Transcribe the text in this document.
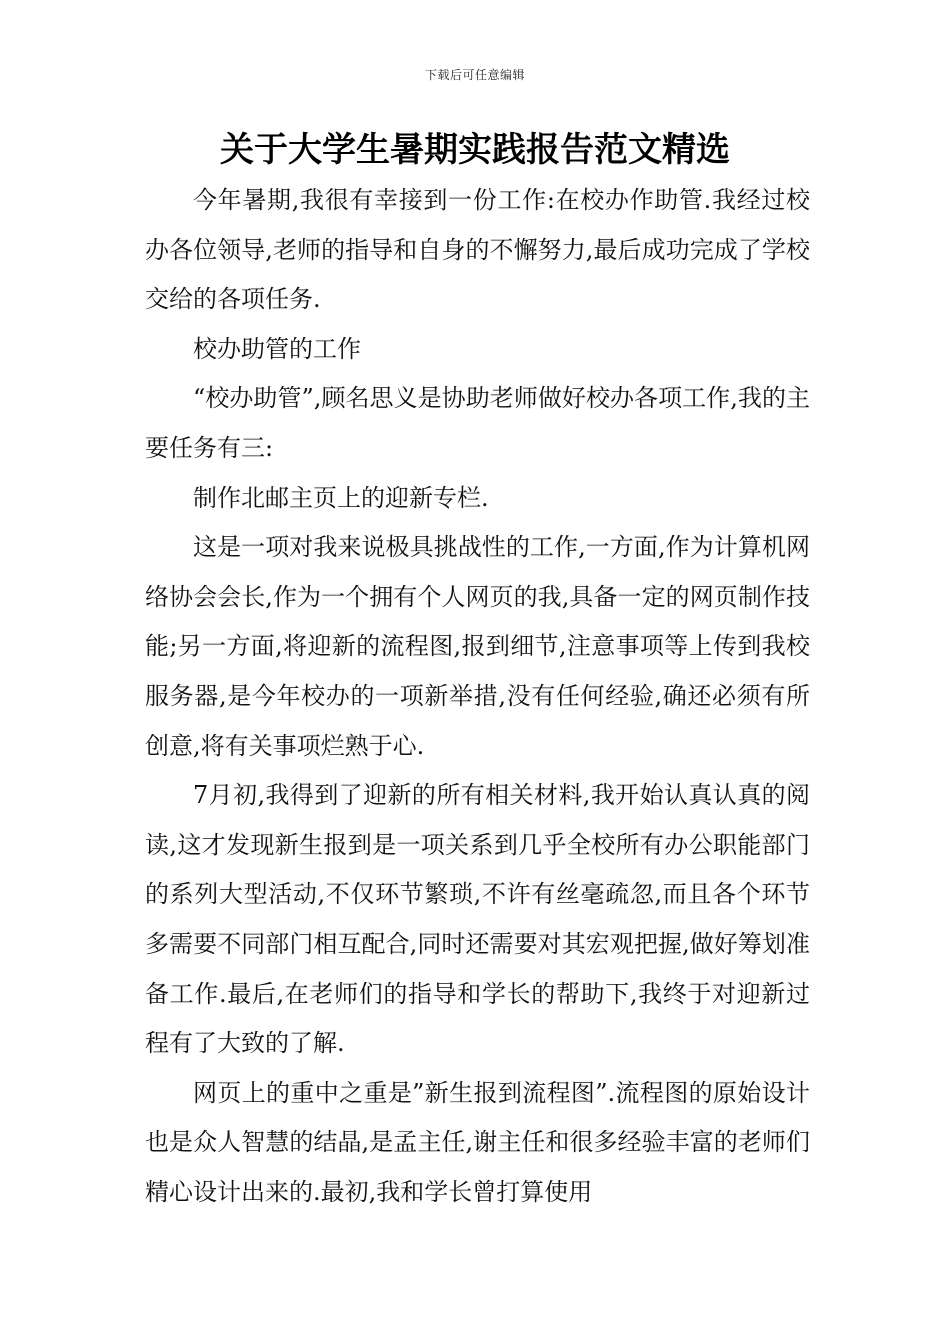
下载后可任意编辑
关于大学生暑期实践报告范文精选

今年暑期,我很有幸接到一份工作:在校办作助管.我经过校办各位领导,老师的指导和自身的不懈努力,最后成功完成了学校交给的各项任务.

校办助管的工作

“校办助管”,顾名思义是协助老师做好校办各项工作,我的主要任务有三:

制作北邮主页上的迎新专栏.

这是一项对我来说极具挑战性的工作,一方面,作为计算机网络协会会长,作为一个拥有个人网页的我,具备一定的网页制作技能;另一方面,将迎新的流程图,报到细节,注意事项等上传到我校服务器,是今年校办的一项新举措,没有任何经验,确还必须有所创意,将有关事项烂熟于心.

7月初,我得到了迎新的所有相关材料,我开始认真认真的阅读,这才发现新生报到是一项关系到几乎全校所有办公职能部门的系列大型活动,不仅环节繁琐,不许有丝毫疏忽,而且各个环节多需要不同部门相互配合,同时还需要对其宏观把握,做好筹划准备工作.最后,在老师们的指导和学长的帮助下,我终于对迎新过程有了大致的了解.

网页上的重中之重是”新生报到流程图”.流程图的原始设计也是众人智慧的结晶,是孟主任,谢主任和很多经验丰富的老师们精心设计出来的.最初,我和学长曾打算使用
